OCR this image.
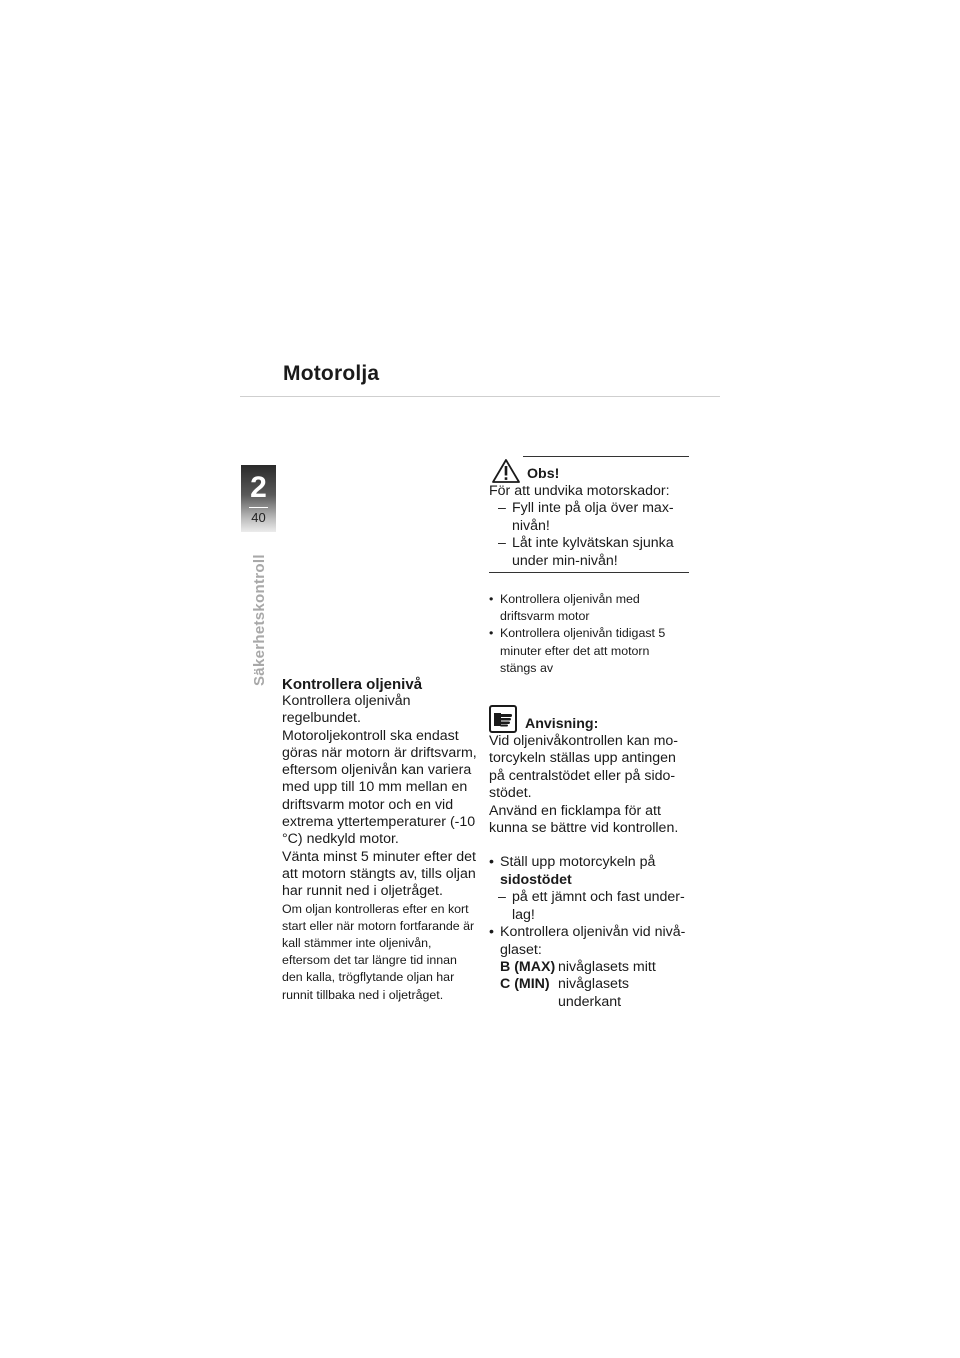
Motorolja
2
40
Säkerhetskontroll Kontrollera oljenivå

Kontrollera oljenivån regelbundet.

Motoroljekontroll ska endast göras när motorn är driftsvarm, eftersom oljenivån kan variera med upp till 10 mm mellan en driftsvarm motor och en vid extrema yttertemperaturer (-10 °C) nedkyld motor.

Vänta minst 5 minuter efter det att motorn stängts av, tills oljan har runnit ned i oljetråget.

Om oljan kontrolleras efter en kort start eller när motorn fortfarande är kall stämmer inte oljenivån, eftersom det tar längre tid innan den kalla, trögflytande oljan har runnit tillbaka ned i oljetråget.

Obs!

För att undvika motorskador:

– Fyll inte på olja över max-nivån!
– Låt inte kylvätskan sjunka under min-nivån!
• Kontrollera oljenivån med driftsvarm motor
• Kontrollera oljenivån tidigast 5 minuter efter det att motorn stängs av
Anvisning:

Vid oljenivåkontrollen kan mo-torcykeln ställas upp antingen på centralstödet eller på sido-stödet.

Använd en ficklampa för att kunna se bättre vid kontrollen.

• Ställ upp motorcykeln på
sidostödet
– på ett jämnt och fast under-lag!
• Kontrollera oljenivån vid nivå-glaset:
B (MAX) nivåglasets mitt
C (MIN) nivåglasets underkant
